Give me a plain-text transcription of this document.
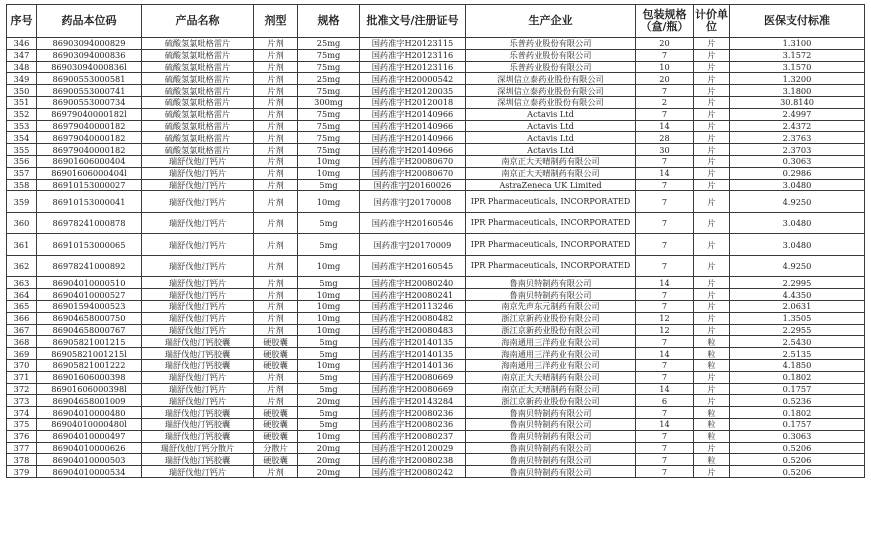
序号	药品本位码	产品名称	剂型	规格	批准文号/注册证号	生产企业	包装规格（盒/瓶）	计价单位	医保支付标准
346	86903094000829	硫酸氢氯吡格雷片	片剂	25mg	国药准字H20123115	乐普药业股份有限公司	20	片	1.3100
347	86903094000836	硫酸氢氯吡格雷片	片剂	75mg	国药准字H20123116	乐普药业股份有限公司	7	片	3.1572
348	86903094000836l	硫酸氢氯吡格雷片	片剂	75mg	国药准字H20123116	乐普药业股份有限公司	10	片	3.1570
349	86900553000581	硫酸氢氯吡格雷片	片剂	25mg	国药准字H20000542	深圳信立泰药业股份有限公司	20	片	1.3200
350	86900553000741	硫酸氢氯吡格雷片	片剂	75mg	国药准字H20120035	深圳信立泰药业股份有限公司	7	片	3.1800
351	86900553000734	硫酸氢氯吡格雷片	片剂	300mg	国药准字H20120018	深圳信立泰药业股份有限公司	2	片	30.8140
352	86979040000182l	硫酸氢氯吡格雷片	片剂	75mg	国药准字H20140966	Actavis Ltd	7	片	2.4997
353	86979040000182	硫酸氢氯吡格雷片	片剂	75mg	国药准字H20140966	Actavis Ltd	14	片	2.4372
354	86979040000182	硫酸氢氯吡格雷片	片剂	75mg	国药准字H20140966	Actavis Ltd	28	片	2.3763
355	86979040000182	硫酸氢氯吡格雷片	片剂	75mg	国药准字H20140966	Actavis Ltd	30	片	2.3703
356	86901606000404	瑞舒伐他汀钙片	片剂	10mg	国药准字H20080670	南京正大天晴制药有限公司	7	片	0.3063
357	86901606000404l	瑞舒伐他汀钙片	片剂	10mg	国药准字H20080670	南京正大天晴制药有限公司	14	片	0.2986
358	86910153000027	瑞舒伐他汀钙片	片剂	5mg	国药准字J20160026	AstraZeneca UK Limited	7	片	3.0480
359	86910153000041	瑞舒伐他汀钙片	片剂	10mg	国药准字J20170008	IPR Pharmaceuticals, INCORPORATED	7	片	4.9250
360	86978241000878	瑞舒伐他汀钙片	片剂	5mg	国药准字H20160546	IPR Pharmaceuticals, INCORPORATED	7	片	3.0480
361	86910153000065	瑞舒伐他汀钙片	片剂	5mg	国药准字J20170009	IPR Pharmaceuticals, INCORPORATED	7	片	3.0480
362	86978241000892	瑞舒伐他汀钙片	片剂	10mg	国药准字H20160545	IPR Pharmaceuticals, INCORPORATED	7	片	4.9250
363	86904010000510	瑞舒伐他汀钙片	片剂	5mg	国药准字H20080240	鲁南贝特制药有限公司	14	片	2.2995
364	86904010000527	瑞舒伐他汀钙片	片剂	10mg	国药准字H20080241	鲁南贝特制药有限公司	7	片	4.4350
365	86901594000523	瑞舒伐他汀钙片	片剂	10mg	国药准字H20113246	南京先声东元制药有限公司	7	片	2.0631
366	86904658000750	瑞舒伐他汀钙片	片剂	10mg	国药准字H20080482	浙江京新药业股份有限公司	12	片	1.3505
367	86904658000767	瑞舒伐他汀钙片	片剂	10mg	国药准字H20080483	浙江京新药业股份有限公司	12	片	2.2955
368	86905821001215	瑞舒伐他汀钙胶囊	硬胶囊	5mg	国药准字H20140135	海南通用三洋药业有限公司	7	粒	2.5430
369	86905821001215l	瑞舒伐他汀钙胶囊	硬胶囊	5mg	国药准字H20140135	海南通用三洋药业有限公司	14	粒	2.5135
370	86905821001222	瑞舒伐他汀钙胶囊	硬胶囊	10mg	国药准字H20140136	海南通用三洋药业有限公司	7	粒	4.1850
371	86901606000398	瑞舒伐他汀钙片	片剂	5mg	国药准字H20080669	南京正大天晴制药有限公司	7	片	0.1802
372	86901606000398l	瑞舒伐他汀钙片	片剂	5mg	国药准字H20080669	南京正大天晴制药有限公司	14	片	0.1757
373	86904658001009	瑞舒伐他汀钙片	片剂	20mg	国药准字H20143284	浙江京新药业股份有限公司	6	片	0.5236
374	86904010000480	瑞舒伐他汀钙胶囊	硬胶囊	5mg	国药准字H20080236	鲁南贝特制药有限公司	7	粒	0.1802
375	86904010000480l	瑞舒伐他汀钙胶囊	硬胶囊	5mg	国药准字H20080236	鲁南贝特制药有限公司	14	粒	0.1757
376	86904010000497	瑞舒伐他汀钙胶囊	硬胶囊	10mg	国药准字H20080237	鲁南贝特制药有限公司	7	粒	0.3063
377	86904010000626	瑞舒伐他汀钙分散片	分散片	20mg	国药准字H20120029	鲁南贝特制药有限公司	7	片	0.5206
378	86904010000503	瑞舒伐他汀钙胶囊	硬胶囊	20mg	国药准字H20080238	鲁南贝特制药有限公司	7	粒	0.5206
379	86904010000534	瑞舒伐他汀钙片	片剂	20mg	国药准字H20080242	鲁南贝特制药有限公司	7	片	0.5206
